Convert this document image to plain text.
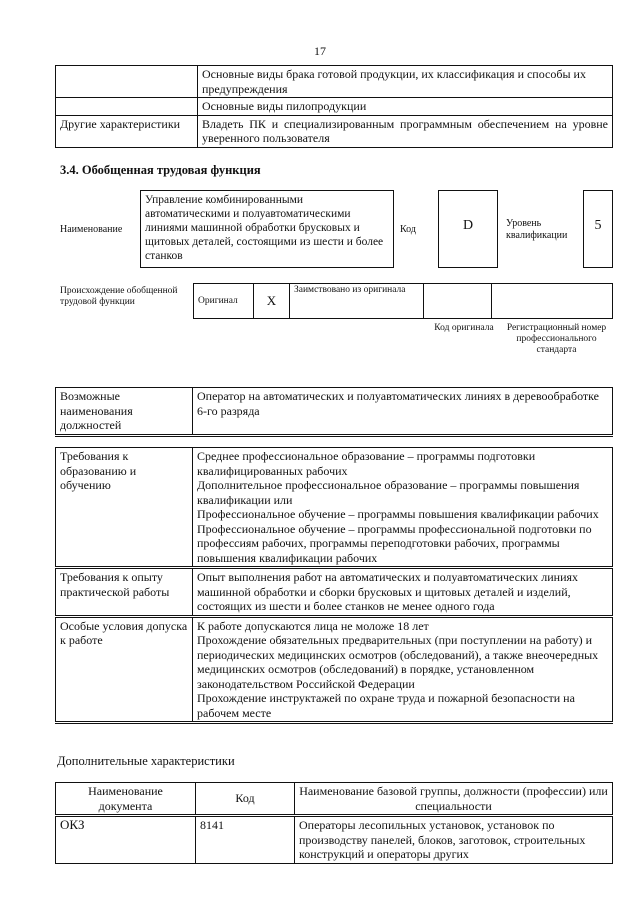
17
	Основные виды брака готовой продукции, их классификация и способы их предупреждения
	Основные виды пилопродукции
Другие характеристики	Владеть ПК и специализированным программным обеспечением на уровне уверенного пользователя
3.4. Обобщенная трудовая функция
Наименование
Управление комбинированными автоматическими и полуавтоматическими линиями машинной обработки брусковых и щитовых деталей, состоящими из шести и более станков
Код	D	Уровень квалификации
5
Происхождение обобщенной трудовой функции	Оригинал	X	Заимствовано из оригинала		
Код оригинала	Регистрационный номер профессионального стандарта
Возможные наименования должностей	Оператор на автоматических и полуавтоматических линиях в деревообработке 6-го разряда
Требования к образованию и обучению	Среднее профессиональное образование – программы подготовки квалифицированных рабочих

Дополнительное профессиональное образование – программы повышения квалификации или

Профессиональное обучение – программы повышения квалификации рабочих

Профессиональное обучение – программы профессиональной подготовки по профессиям рабочих, программы переподготовки рабочих, программы повышения квалификации рабочих

Требования к опыту практической работы	Опыт выполнения работ на автоматических и полуавтоматических линиях машинной обработки и сборки брусковых и щитовых деталей и изделий, состоящих из шести и более станков не менее одного года

Особые условия допуска к работе	К работе допускаются лица не моложе 18 лет

Прохождение обязательных предварительных (при поступлении на работу) и периодических медицинских осмотров (обследований), а также внеочередных медицинских осмотров (обследований) в порядке, установленном законодательством Российской Федерации

Прохождение инструктажей по охране труда и пожарной безопасности на рабочем месте

Дополнительные характеристики
Наименование документа	Код	Наименование базовой группы, должности (профессии) или специальности
ОКЗ	8141	Операторы лесопильных установок, установок по производству панелей, блоков, заготовок, строительных конструкций и операторы других
